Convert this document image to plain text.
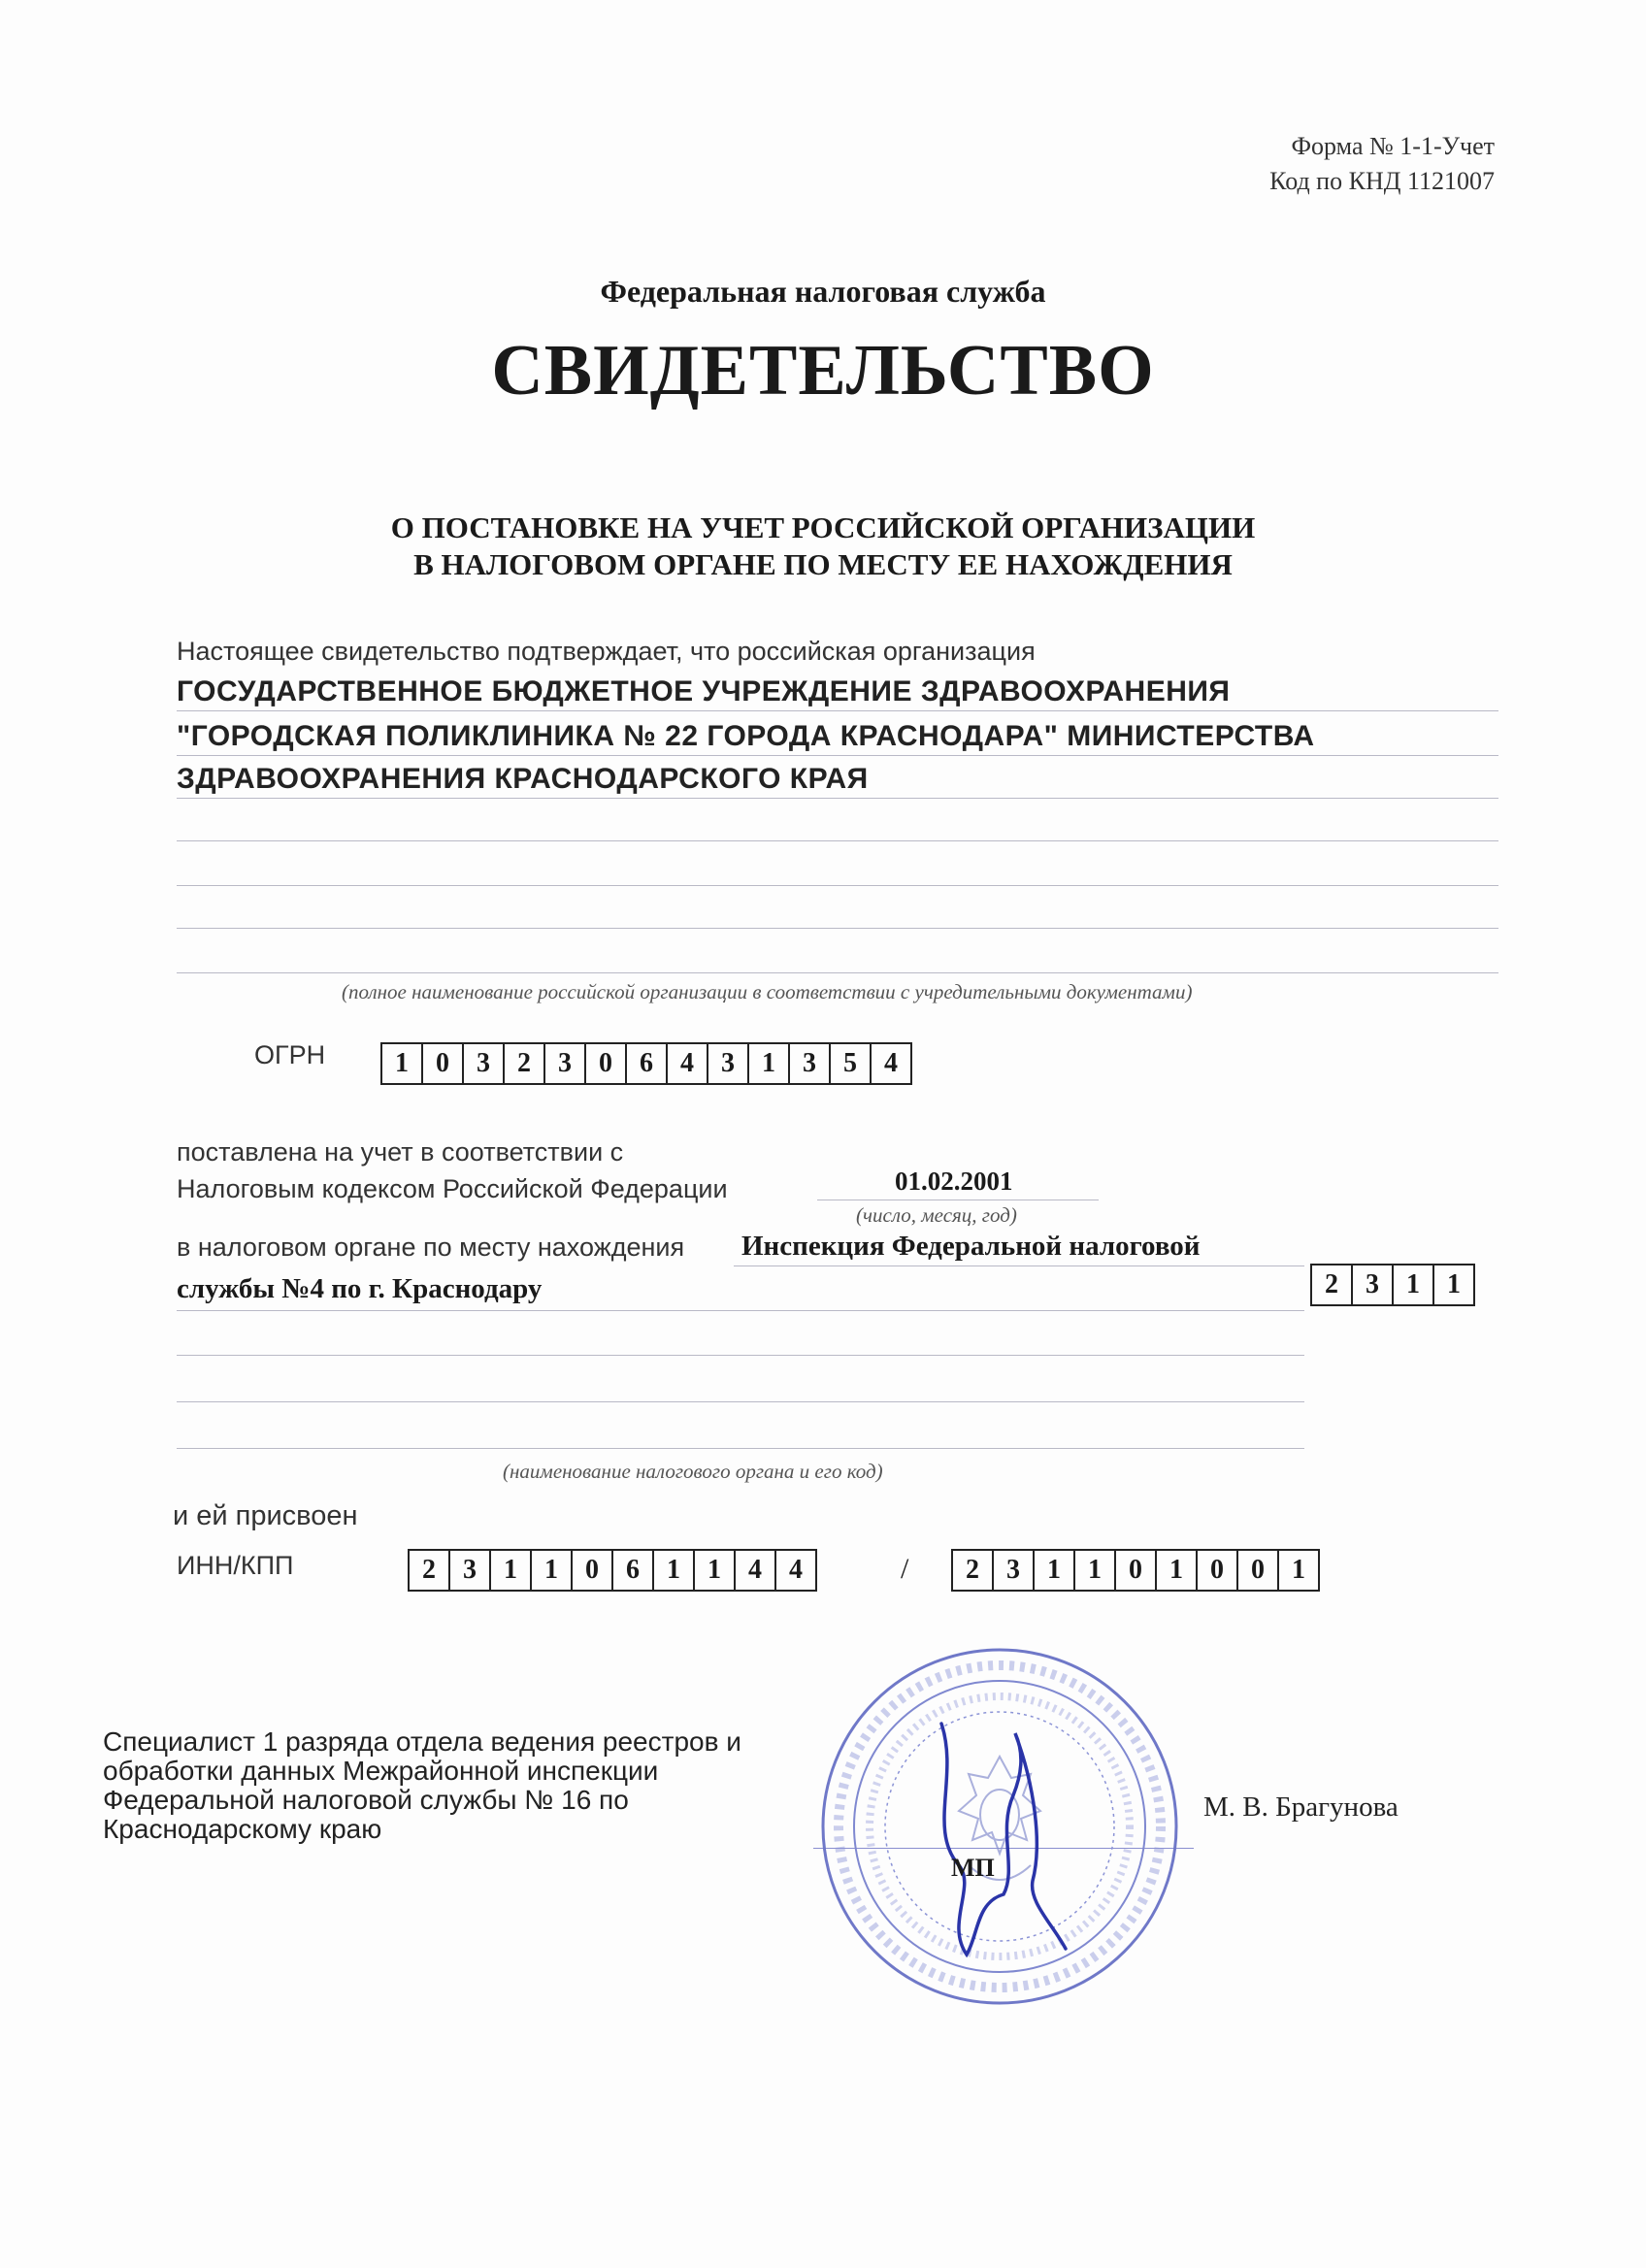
Форма № 1-1-Учет
Код по КНД 1121007
Федеральная налоговая служба
СВИДЕТЕЛЬСТВО
О ПОСТАНОВКЕ НА УЧЕТ РОССИЙСКОЙ ОРГАНИЗАЦИИ
В НАЛОГОВОМ ОРГАНЕ ПО МЕСТУ ЕЕ НАХОЖДЕНИЯ
Настоящее свидетельство подтверждает, что российская организация
ГОСУДАРСТВЕННОЕ БЮДЖЕТНОЕ УЧРЕЖДЕНИЕ ЗДРАВООХРАНЕНИЯ
"ГОРОДСКАЯ ПОЛИКЛИНИКА № 22 ГОРОДА КРАСНОДАРА" МИНИСТЕРСТВА
ЗДРАВООХРАНЕНИЯ КРАСНОДАРСКОГО КРАЯ
(полное наименование российской организации в соответствии с учредительными документами)
ОГРН	1	0	3	2	3	0	6	4	3	1	3	5	4
поставлена на учет в соответствии с
Налоговым кодексом Российской Федерации	01.02.2001
(число, месяц, год)
в налоговом органе по месту нахождения Инспекция Федеральной налоговой
службы №4 по г. Краснодару	2	3	1	1
(наименование налогового органа и его код)
и ей присвоен
ИНН/КПП	2	3	1	1	0	6	1	1	4	4	/	2	3	1	1	0	1	0	0	1
Специалист 1 разряда отдела ведения реестров и
обработки данных Межрайонной инспекции
Федеральной налоговой службы № 16 по
Краснодарскому краю
МП
М. В. Брагунова
